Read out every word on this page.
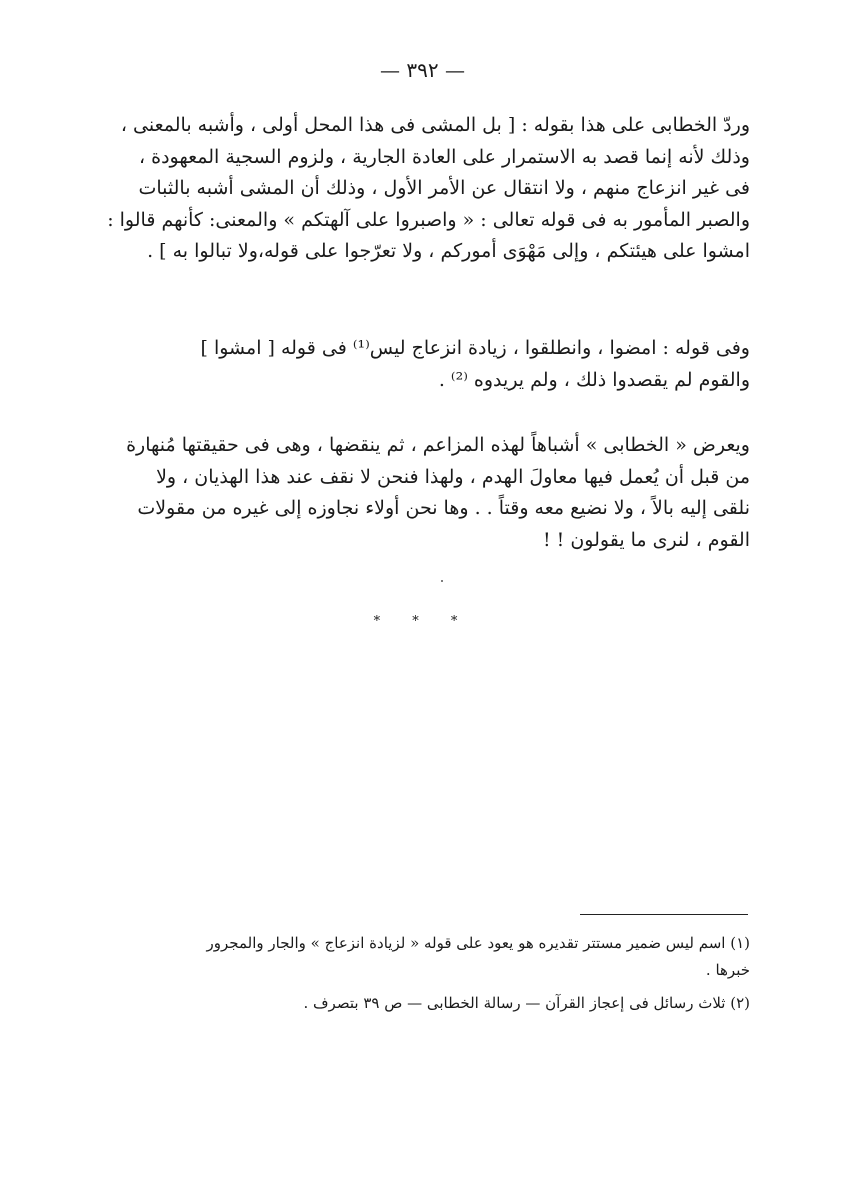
— ٣٩٢ —
وردّ الخطابى على هذا بقوله : [ بل المشى فى هذا المحل أولى ، وأشبه بالمعنى ،
وذلك لأنه إنما قصد به الاستمرار على العادة الجارية ، ولزوم السجية المعهودة ،
فى غير انزعاج منهم ، ولا انتقال عن الأمر الأول ، وذلك أن المشى أشبه بالثبات
والصبر المأمور به فى قوله تعالى : « واصبروا على آلهتكم » والمعنى: كأنهم قالوا :
امشوا على هيئتكم ، وإلى مَهْوَى أموركم ، ولا تعرّجوا على قوله،ولا تبالوا به ] .
وفى قوله : امضوا ، وانطلقوا ، زيادة انزعاج ليس⁽¹⁾ فى قوله [ امشوا ]
والقوم لم يقصدوا ذلك ، ولم يريدوه ⁽²⁾ .
ويعرض « الخطابى » أشباهاً لهذه المزاعم ، ثم ينقضها ، وهى فى حقيقتها مُنهارة
من قبل أن يُعمل فيها معاولَ الهدم ، ولهذا فنحن لا نقف عند هذا الهذيان ، ولا
نلقى إليه بالاً ، ولا نضيع معه وقتاً . . وها نحن أولاء نجاوزه إلى غيره من مقولات
القوم ، لنرى ما يقولون ! !
* * *
(١) اسم ليس ضمير مستتر تقديره هو يعود على قوله « لزيادة انزعاج » والجار والمجرور
خبرها .
(٢) ثلاث رسائل فى إعجاز القرآن — رسالة الخطابى — ص ٣٩ بتصرف .
